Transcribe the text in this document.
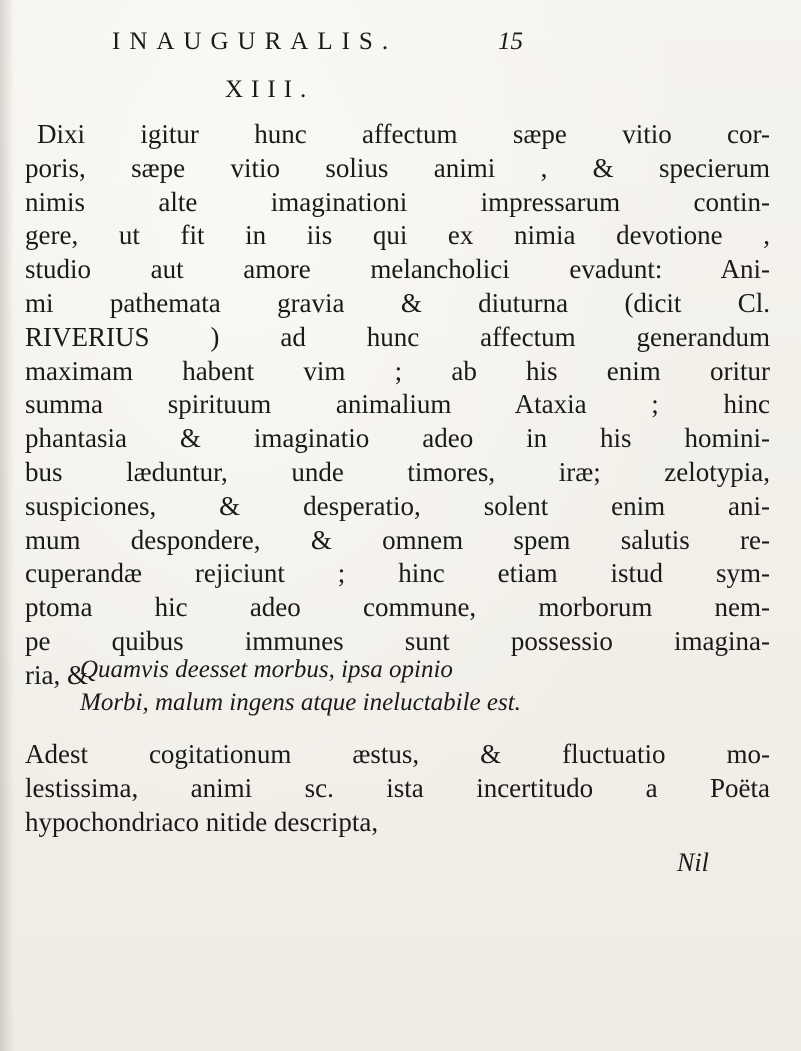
INAUGURALIS.	15
XIII.
Dixi igitur hunc affectum sæpe vitio cor-
poris, sæpe vitio solius animi , & specierum
nimis alte imaginationi impressarum contin-
gere, ut fit in iis qui ex nimia devotione ,
studio aut amore melancholici evadunt: Ani-
mi pathemata gravia & diuturna (dicit Cl.
RIVERIUS ) ad hunc affectum generandum
maximam habent vim ; ab his enim oritur
summa spirituum animalium Ataxia ; hinc
phantasia & imaginatio adeo in his homini-
bus læduntur, unde timores, iræ; zelotypia,
suspiciones, & desperatio, solent enim ani-
mum despondere, & omnem spem salutis re-
cuperandæ rejiciunt ; hinc etiam istud sym-
ptoma hic adeo commune, morborum nem-
pe quibus immunes sunt possessio imagina-
ria, &
Quamvis deesset morbus, ipsa opinio
Morbi, malum ingens atque ineluctabile est.
Adest cogitationum æstus, & fluctuatio mo-
lestissima, animi sc. ista incertitudo a Poëta
hypochondriaco nitide descripta,
Nil
